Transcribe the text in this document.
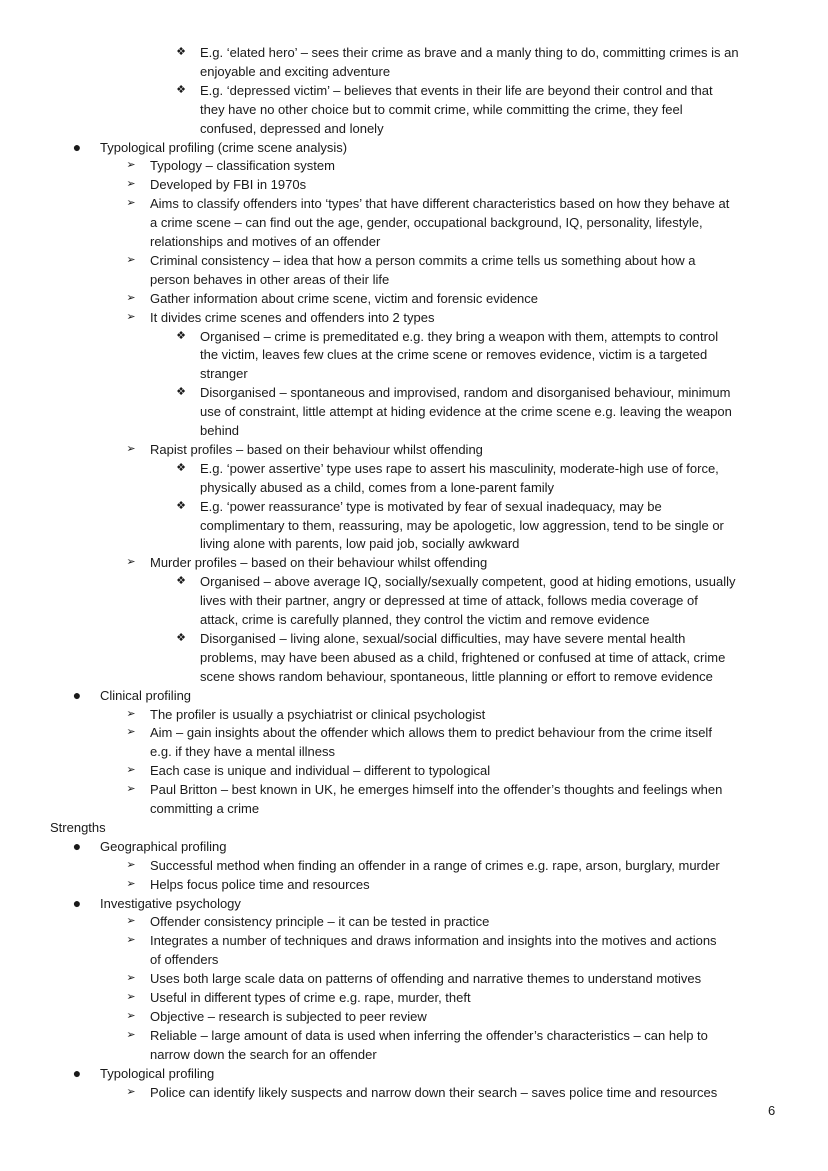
❖	E.g. ‘elated hero’ – sees their crime as brave and a manly thing to do, committing crimes is an
enjoyable and exciting adventure
❖	E.g. ‘depressed victim’ – believes that events in their life are beyond their control and that
they have no other choice but to commit crime, while committing the crime, they feel
confused, depressed and lonely
● Typological profiling (crime scene analysis)
➢	Typology – classification system
➢	Developed by FBI in 1970s
➢	Aims to classify offenders into ‘types’ that have different characteristics based on how they behave at
a crime scene – can find out the age, gender, occupational background, IQ, personality, lifestyle,
relationships and motives of an offender
➢	Criminal consistency – idea that how a person commits a crime tells us something about how a
person behaves in other areas of their life
➢	Gather information about crime scene, victim and forensic evidence
➢	It divides crime scenes and offenders into 2 types
❖	Organised – crime is premeditated e.g. they bring a weapon with them, attempts to control
the victim, leaves few clues at the crime scene or removes evidence, victim is a targeted
stranger
❖	Disorganised – spontaneous and improvised, random and disorganised behaviour, minimum
use of constraint, little attempt at hiding evidence at the crime scene e.g. leaving the weapon
behind
➢	Rapist profiles – based on their behaviour whilst offending
❖	E.g. ‘power assertive’ type uses rape to assert his masculinity, moderate-high use of force,
physically abused as a child, comes from a lone-parent family
❖	E.g. ‘power reassurance’ type is motivated by fear of sexual inadequacy, may be
complimentary to them, reassuring, may be apologetic, low aggression, tend to be single or
living alone with parents, low paid job, socially awkward
➢	Murder profiles – based on their behaviour whilst offending
❖	Organised – above average IQ, socially/sexually competent, good at hiding emotions, usually
lives with their partner, angry or depressed at time of attack, follows media coverage of
attack, crime is carefully planned, they control the victim and remove evidence
❖	Disorganised – living alone, sexual/social difficulties, may have severe mental health
problems, may have been abused as a child, frightened or confused at time of attack, crime
scene shows random behaviour, spontaneous, little planning or effort to remove evidence
● Clinical profiling
➢	The profiler is usually a psychiatrist or clinical psychologist
➢	Aim – gain insights about the offender which allows them to predict behaviour from the crime itself
e.g. if they have a mental illness
➢	Each case is unique and individual – different to typological
➢	Paul Britton – best known in UK, he emerges himself into the offender’s thoughts and feelings when
committing a crime
Strengths
● Geographical profiling
➢	Successful method when finding an offender in a range of crimes e.g. rape, arson, burglary, murder
➢	Helps focus police time and resources
● Investigative psychology
➢	Offender consistency principle – it can be tested in practice
➢	Integrates a number of techniques and draws information and insights into the motives and actions
of offenders
➢	Uses both large scale data on patterns of offending and narrative themes to understand motives
➢	Useful in different types of crime e.g. rape, murder, theft
➢	Objective – research is subjected to peer review
➢	Reliable – large amount of data is used when inferring the offender’s characteristics – can help to
narrow down the search for an offender
● Typological profiling
➢	Police can identify likely suspects and narrow down their search – saves police time and resources
6
